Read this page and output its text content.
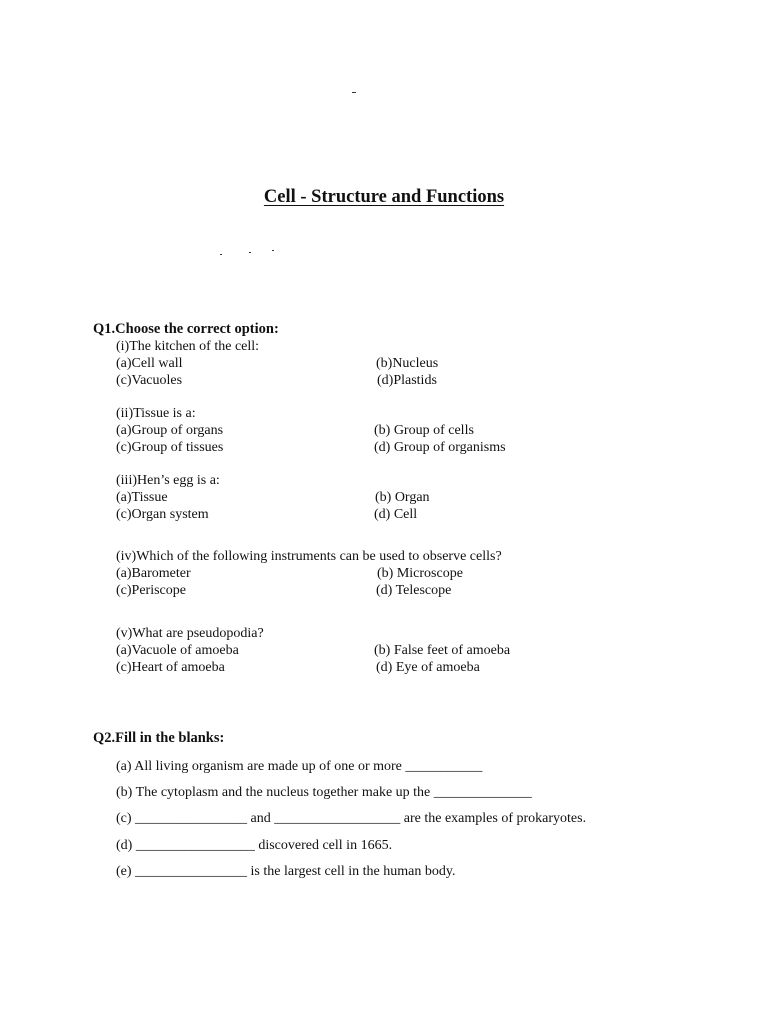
Cell - Structure and Functions
Q1.Choose the correct option:
(i)The kitchen of the cell:
(a)Cell wall	(b)Nucleus
(c)Vacuoles	(d)Plastids
(ii)Tissue is a:
(a)Group of organs	(b) Group of cells
(c)Group of tissues	(d) Group of organisms
(iii)Hen’s egg is a:
(a)Tissue	(b) Organ
(c)Organ system	(d) Cell
(iv)Which of the following instruments can be used to observe cells?
(a)Barometer	(b) Microscope
(c)Periscope	(d) Telescope
(v)What are pseudopodia?
(a)Vacuole of amoeba	(b) False feet of amoeba
(c)Heart of amoeba	(d) Eye of amoeba
Q2.Fill in the blanks:
(a) All living organism are made up of one or more ___________
(b) The cytoplasm and the nucleus together make up the ______________
(c) ________________ and __________________ are the examples of prokaryotes.
(d) _________________ discovered cell in 1665.
(e) ________________ is the largest cell in the human body.
